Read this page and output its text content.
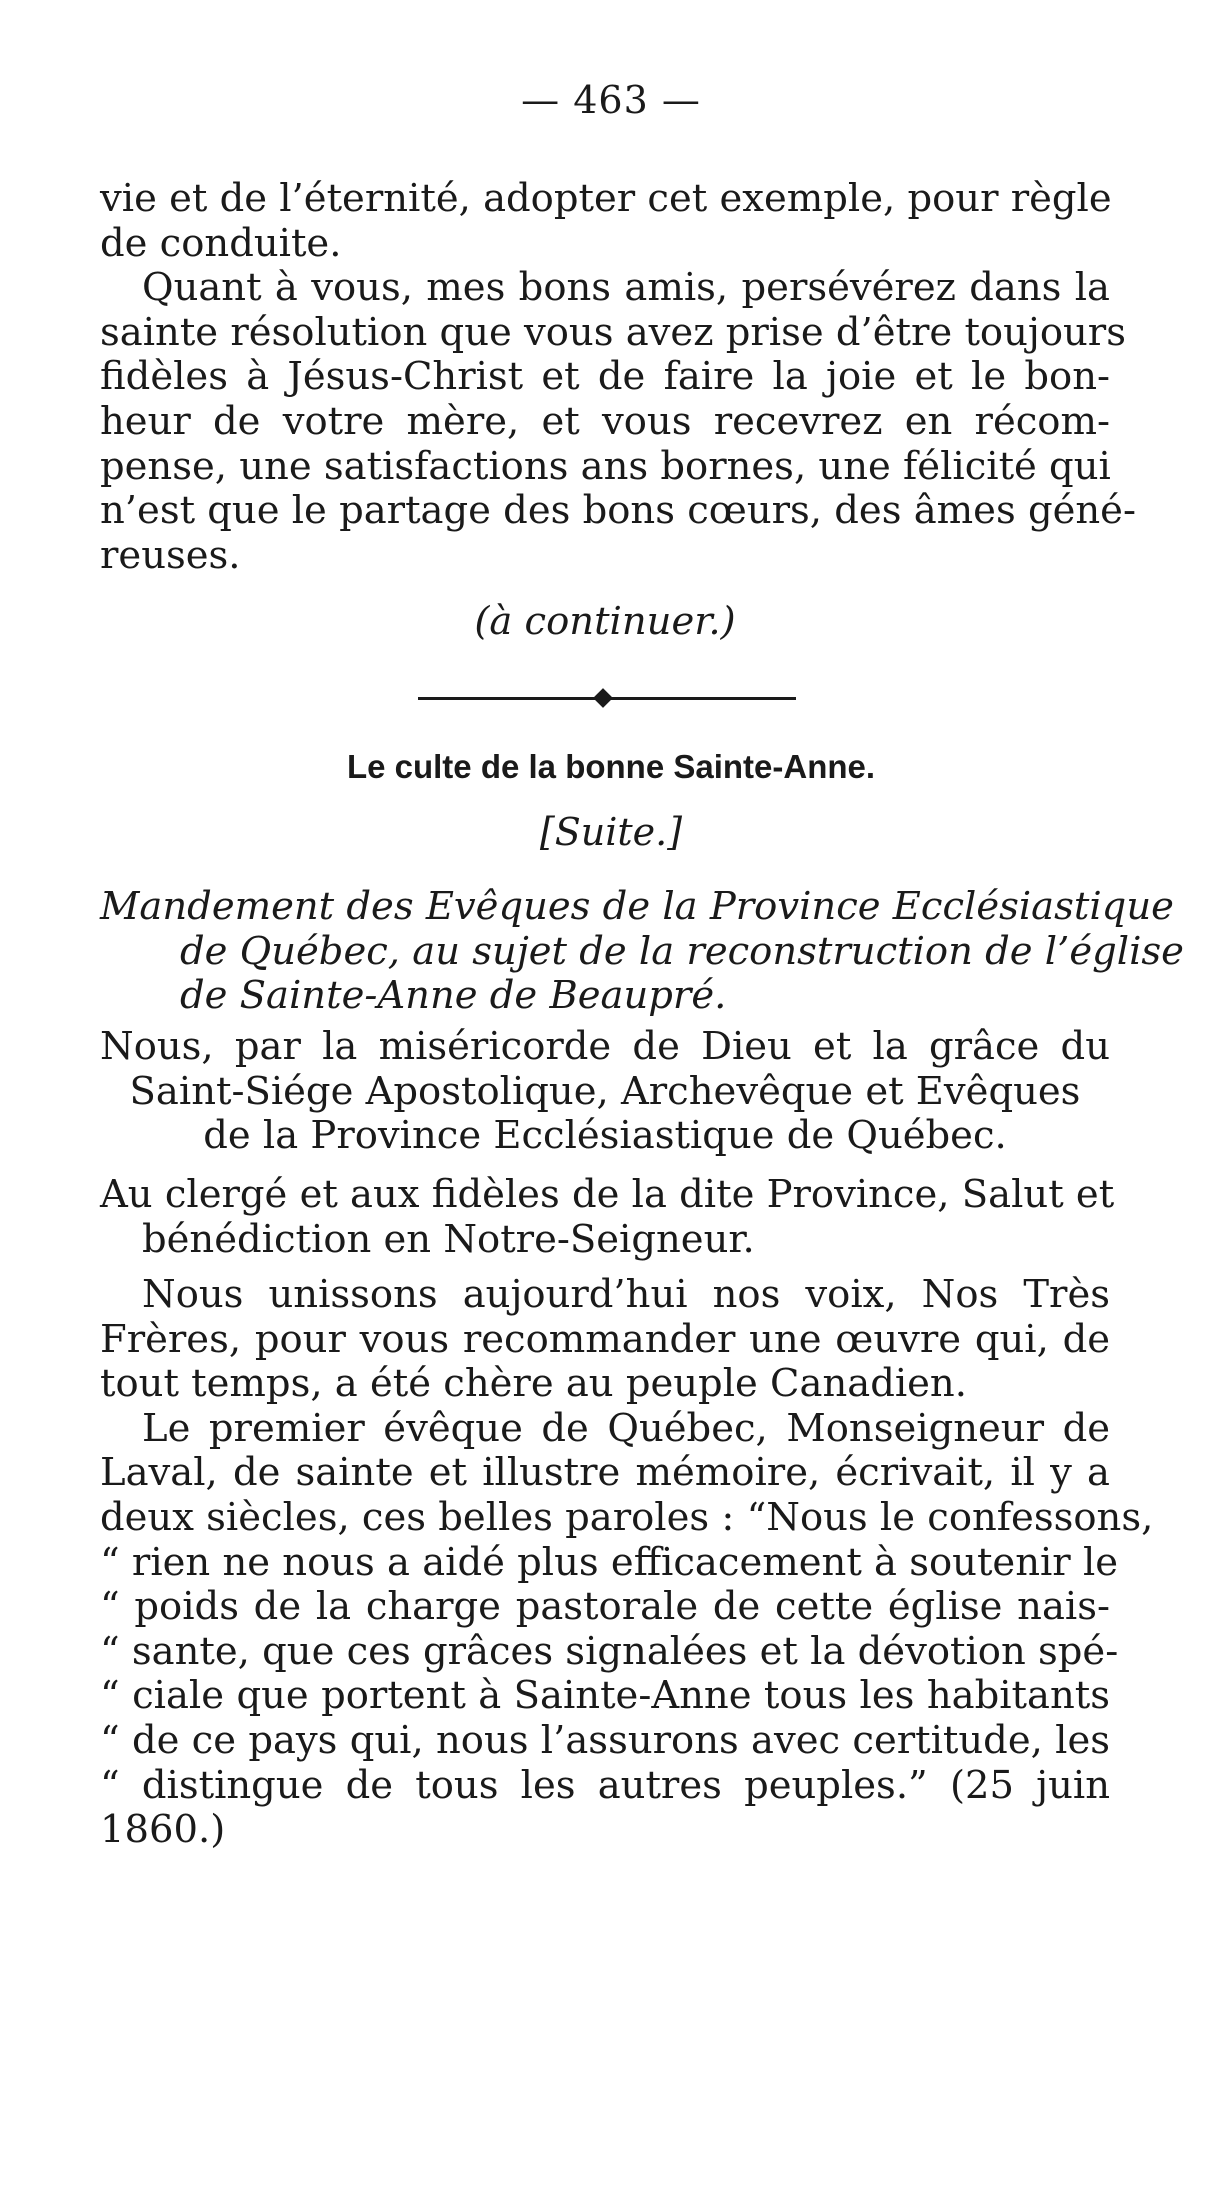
— 463 —
vie et de l’éternité, adopter cet exemple, pour règle
de conduite.
Quant à vous, mes bons amis, persévérez dans la
sainte résolution que vous avez prise d’être toujours
fidèles à Jésus-Christ et de faire la joie et le bon-
heur de votre mère, et vous recevrez en récom-
pense, une satisfactions ans bornes, une félicité qui
n’est que le partage des bons cœurs, des âmes géné-
reuses.
(à continuer.)
Le culte de la bonne Sainte-Anne.
[Suite.]
Mandement des Evêques de la Province Ecclésiastique
de Québec, au sujet de la reconstruction de l’église
de Sainte-Anne de Beaupré.
Nous, par la miséricorde de Dieu et la grâce du
Saint-Siége Apostolique, Archevêque et Evêques
de la Province Ecclésiastique de Québec.
Au clergé et aux fidèles de la dite Province, Salut et
bénédiction en Notre-Seigneur.
Nous unissons aujourd’hui nos voix, Nos Très
Frères, pour vous recommander une œuvre qui, de
tout temps, a été chère au peuple Canadien.
Le premier évêque de Québec, Monseigneur de
Laval, de sainte et illustre mémoire, écrivait, il y a
deux siècles, ces belles paroles : “Nous le confessons,
“ rien ne nous a aidé plus efficacement à soutenir le
“ poids de la charge pastorale de cette église nais-
“ sante, que ces grâces signalées et la dévotion spé-
“ ciale que portent à Sainte-Anne tous les habitants
“ de ce pays qui, nous l’assurons avec certitude, les
“ distingue de tous les autres peuples.” (25 juin
1860.)
